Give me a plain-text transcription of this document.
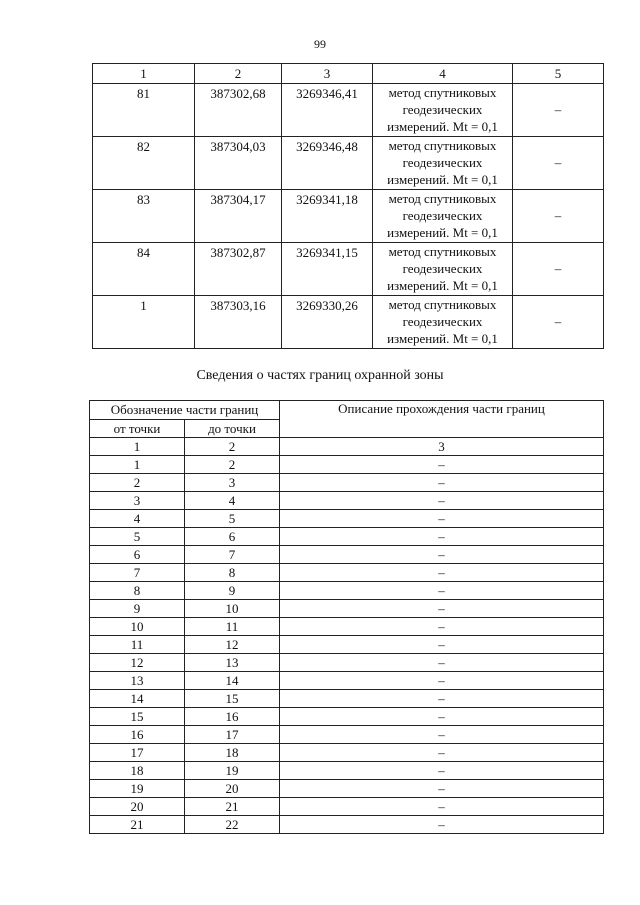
99
1	2	3	4	5
81	387302,68	3269346,41	метод спутниковых геодезических измерений. Mt = 0,1	–
82	387304,03	3269346,48	метод спутниковых геодезических измерений. Mt = 0,1	–
83	387304,17	3269341,18	метод спутниковых геодезических измерений. Mt = 0,1	–
84	387302,87	3269341,15	метод спутниковых геодезических измерений. Mt = 0,1	–
1	387303,16	3269330,26	метод спутниковых геодезических измерений. Mt = 0,1	–
Сведения о частях границ охранной зоны
Обозначение части границ		Описание прохождения части границ
от точки	до точки	
1	2	3
1	2	–
2	3	–
3	4	–
4	5	–
5	6	–
6	7	–
7	8	–
8	9	–
9	10	–
10	11	–
11	12	–
12	13	–
13	14	–
14	15	–
15	16	–
16	17	–
17	18	–
18	19	–
19	20	–
20	21	–
21	22	–
